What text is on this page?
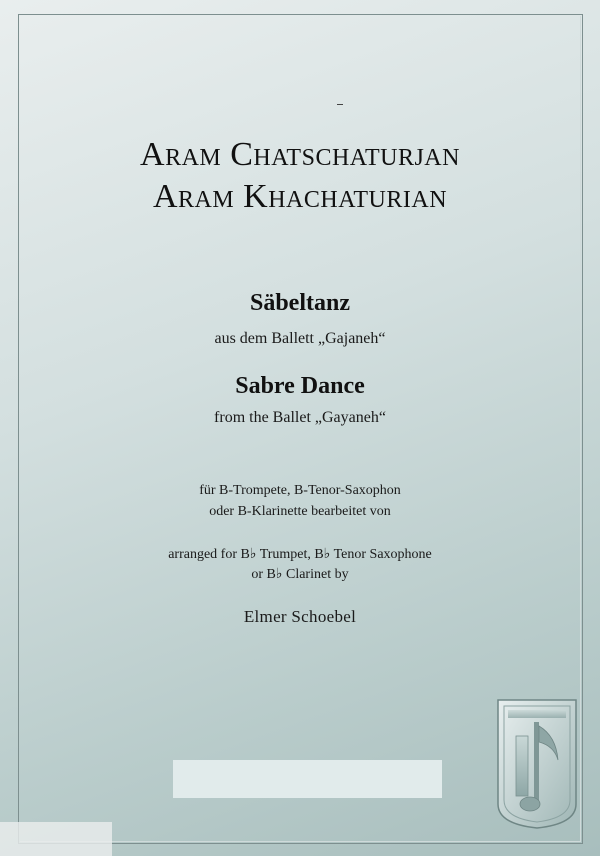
Aram Chatschaturjan
Aram Khachaturian
Säbeltanz
aus dem Ballett „Gajaneh“
Sabre Dance
from the Ballet „Gayaneh“
für B-Trompete, B-Tenor-Saxophon
oder B-Klarinette bearbeitet von
arranged for B♭ Trumpet, B♭ Tenor Saxophone
or B♭ Clarinet by
Elmer Schoebel
